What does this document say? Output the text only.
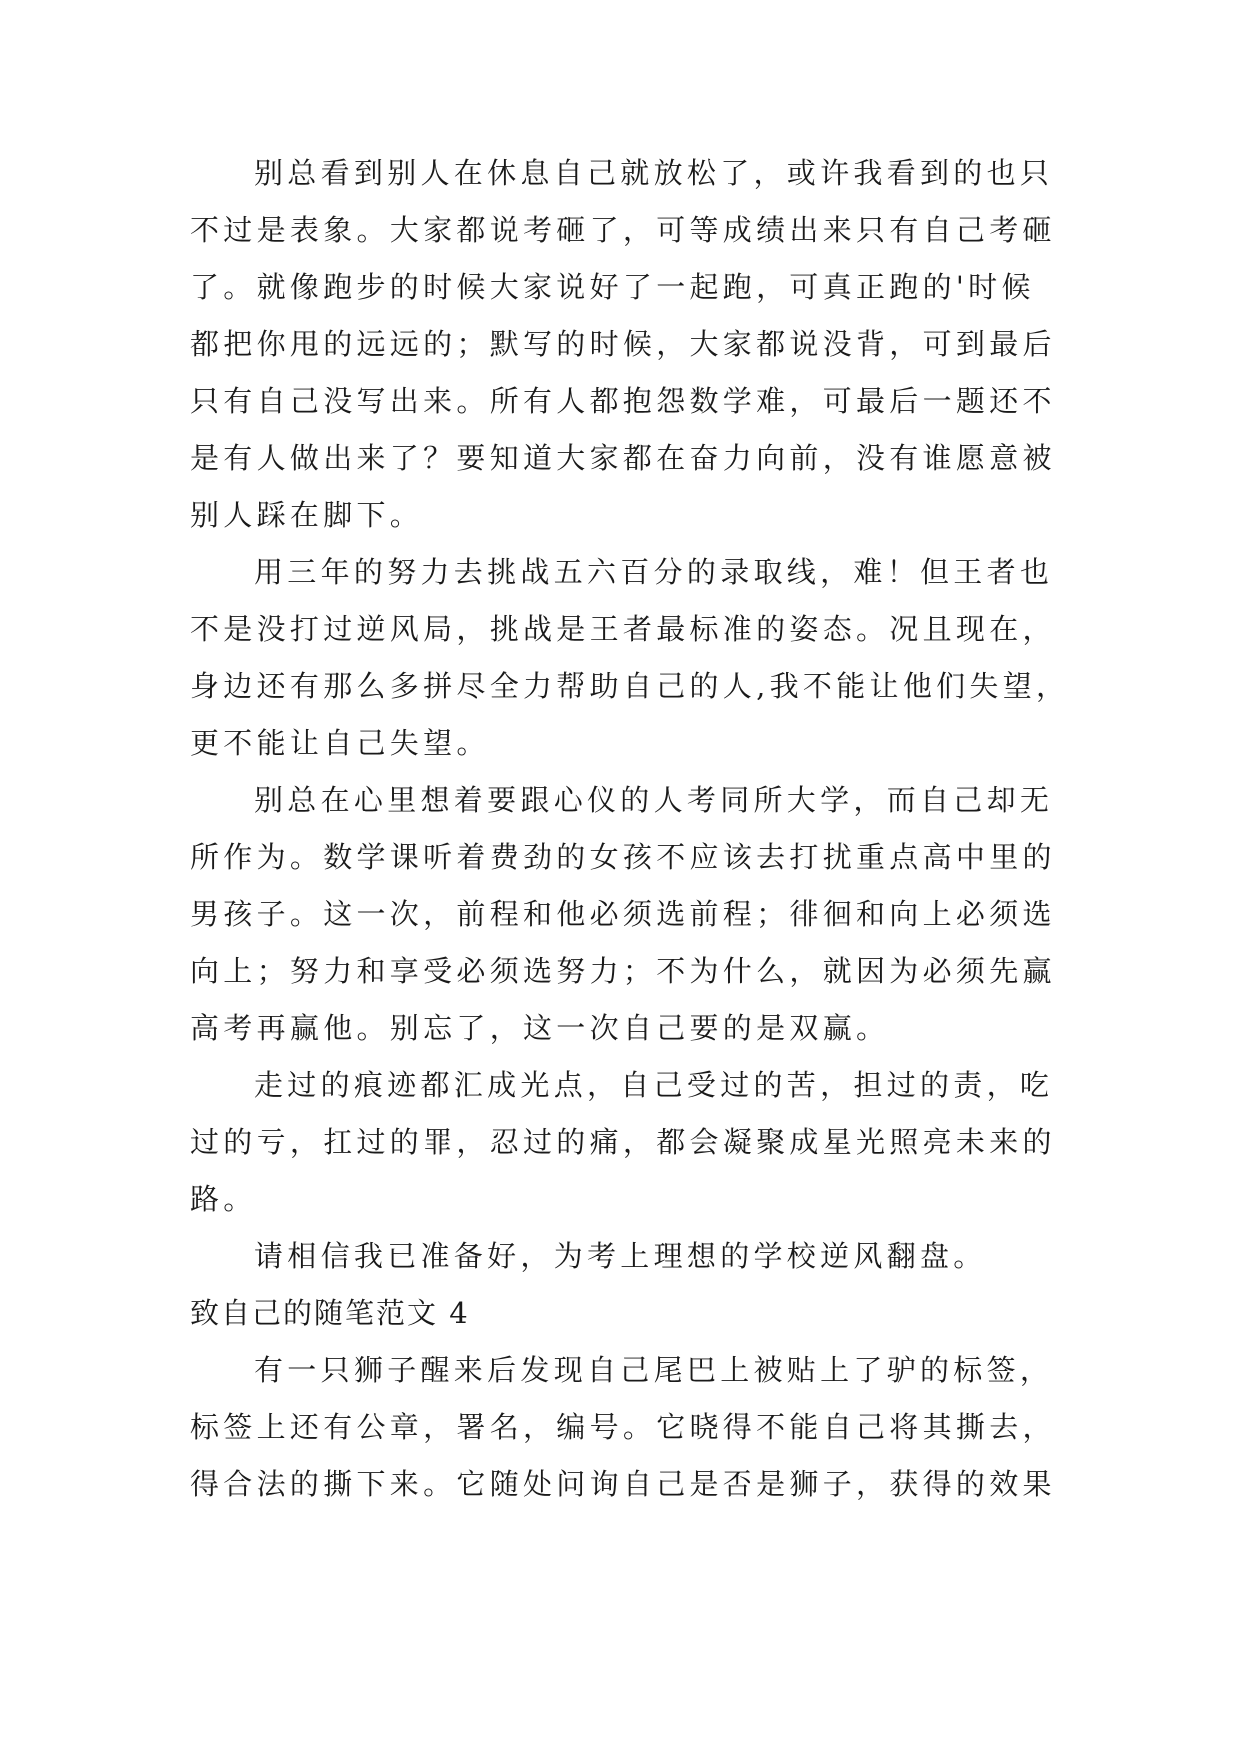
别总看到别人在休息自己就放松了，或许我看到的也只
不过是表象。大家都说考砸了，可等成绩出来只有自己考砸
了。就像跑步的时候大家说好了一起跑，可真正跑的'时候
都把你甩的远远的；默写的时候，大家都说没背，可到最后
只有自己没写出来。所有人都抱怨数学难，可最后一题还不
是有人做出来了？要知道大家都在奋力向前，没有谁愿意被
别人踩在脚下。
用三年的努力去挑战五六百分的录取线，难！但王者也
不是没打过逆风局，挑战是王者最标准的姿态。况且现在，
身边还有那么多拼尽全力帮助自己的人,我不能让他们失望，
更不能让自己失望。
别总在心里想着要跟心仪的人考同所大学，而自己却无
所作为。数学课听着费劲的女孩不应该去打扰重点高中里的
男孩子。这一次，前程和他必须选前程；徘徊和向上必须选
向上；努力和享受必须选努力；不为什么，就因为必须先赢
高考再赢他。别忘了，这一次自己要的是双赢。
走过的痕迹都汇成光点，自己受过的苦，担过的责，吃
过的亏，扛过的罪，忍过的痛，都会凝聚成星光照亮未来的
路。
请相信我已准备好，为考上理想的学校逆风翻盘。
致自己的随笔范文 4
有一只狮子醒来后发现自己尾巴上被贴上了驴的标签，
标签上还有公章，署名，编号。它晓得不能自己将其撕去，
得合法的撕下来。它随处问询自己是否是狮子，获得的效果
